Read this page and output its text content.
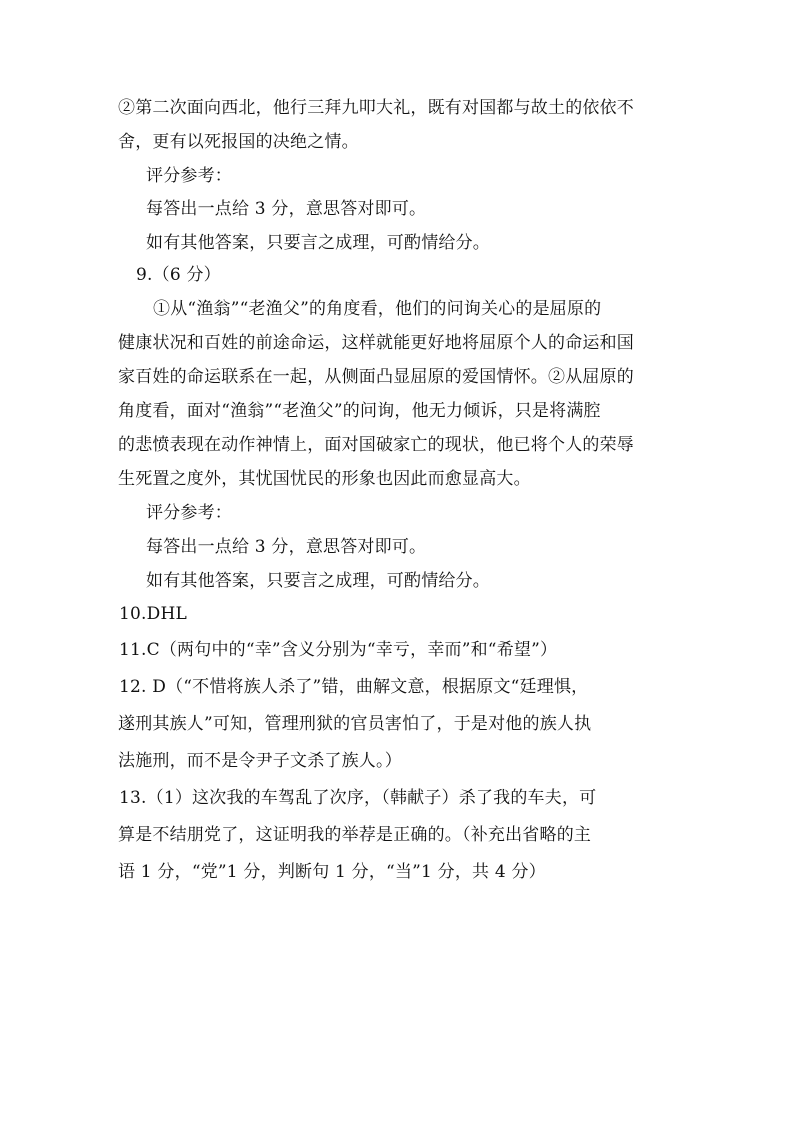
②第二次面向西北，他行三拜九叩大礼，既有对国都与故土的依依不
舍，更有以死报国的决绝之情。
评分参考：
每答出一点给 3 分，意思答对即可。
如有其他答案，只要言之成理，可酌情给分。
9.（6 分）
①从“渔翁”“老渔父”的角度看，他们的问询关心的是屈原的
健康状况和百姓的前途命运，这样就能更好地将屈原个人的命运和国
家百姓的命运联系在一起，从侧面凸显屈原的爱国情怀。②从屈原的
角度看，面对“渔翁”“老渔父”的问询，他无力倾诉，只是将满腔
的悲愤表现在动作神情上，面对国破家亡的现状，他已将个人的荣辱
生死置之度外，其忧国忧民的形象也因此而愈显高大。
评分参考：
每答出一点给 3 分，意思答对即可。
如有其他答案，只要言之成理，可酌情给分。
10.DHL
11.C（两句中的“幸”含义分别为“幸亏，幸而”和“希望”）
12. D（“不惜将族人杀了”错，曲解文意，根据原文“廷理惧，
遂刑其族人”可知，管理刑狱的官员害怕了，于是对他的族人执
法施刑，而不是令尹子文杀了族人。）
13.（1）这次我的车驾乱了次序，（韩献子）杀了我的车夫，可
算是不结朋党了，这证明我的举荐是正确的。（补充出省略的主
语 1 分，“党”1 分，判断句 1 分，“当”1 分，共 4 分）
